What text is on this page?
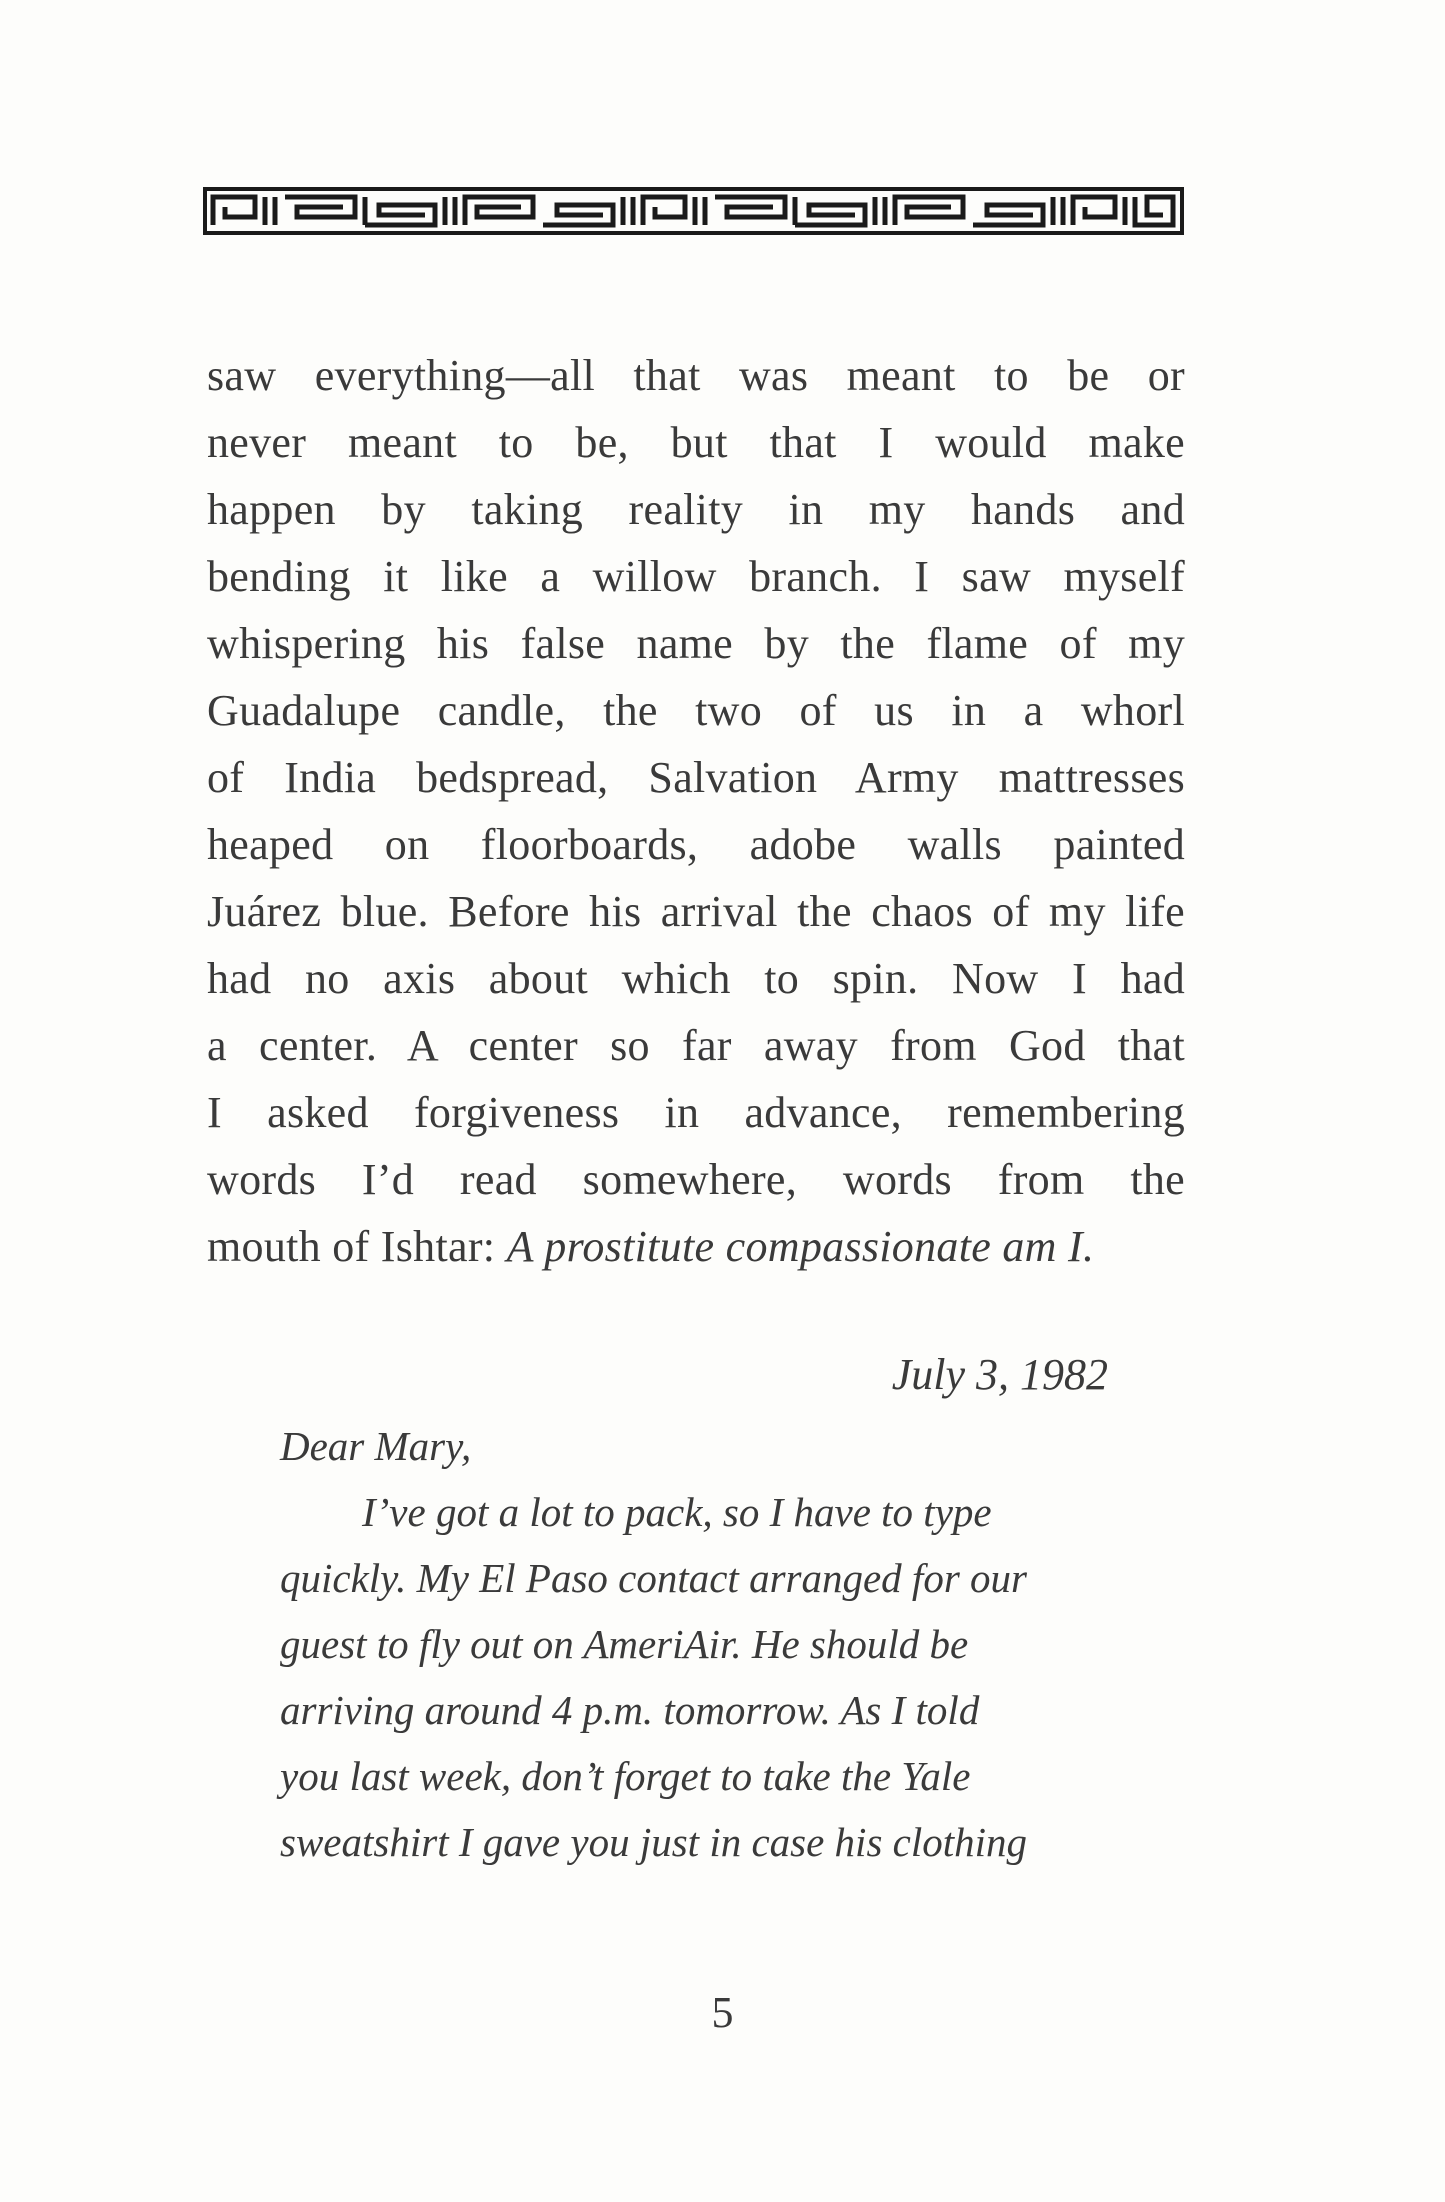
saw everything—all that was meant to be or
never meant to be, but that I would make
happen by taking reality in my hands and
bending it like a willow branch. I saw myself
whispering his false name by the flame of my
Guadalupe candle, the two of us in a whorl
of India bedspread, Salvation Army mattresses
heaped on floorboards, adobe walls painted
Juárez blue. Before his arrival the chaos of my life
had no axis about which to spin. Now I had
a center. A center so far away from God that
I asked forgiveness in advance, remembering
words I’d read somewhere, words from the
mouth of Ishtar: A prostitute compassionate am I.
July 3, 1982
Dear Mary,
I’ve got a lot to pack, so I have to type
quickly. My El Paso contact arranged for our
guest to fly out on AmeriAir. He should be
arriving around 4 p.m. tomorrow. As I told
you last week, don’t forget to take the Yale
sweatshirt I gave you just in case his clothing
5
